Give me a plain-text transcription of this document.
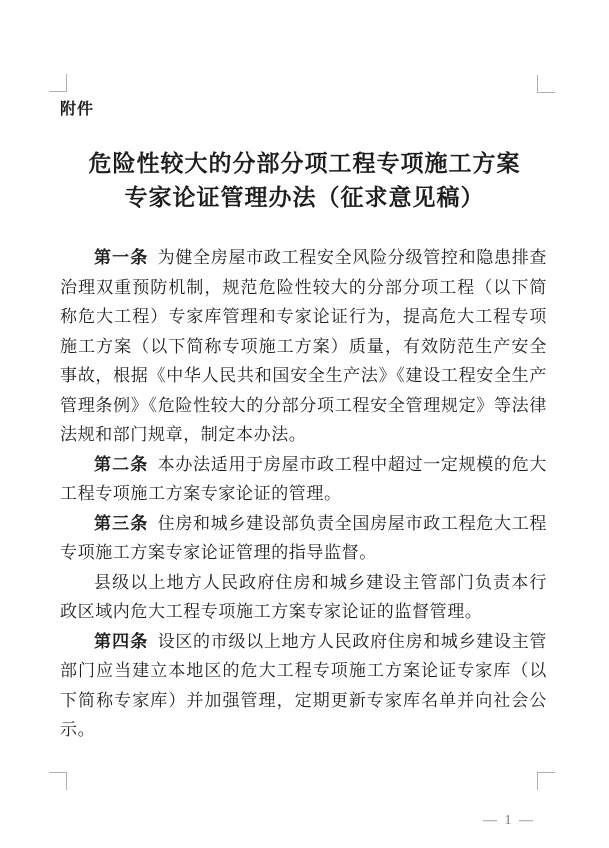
附件
危险性较大的分部分项工程专项施工方案
专家论证管理办法（征求意见稿）

第一条 为健全房屋市政工程安全风险分级管控和隐患排查治理双重预防机制，规范危险性较大的分部分项工程（以下简称危大工程）专家库管理和专家论证行为，提高危大工程专项施工方案（以下简称专项施工方案）质量，有效防范生产安全事故，根据《中华人民共和国安全生产法》《建设工程安全生产管理条例》《危险性较大的分部分项工程安全管理规定》等法律法规和部门规章，制定本办法。

第二条 本办法适用于房屋市政工程中超过一定规模的危大工程专项施工方案专家论证的管理。

第三条 住房和城乡建设部负责全国房屋市政工程危大工程专项施工方案专家论证管理的指导监督。

县级以上地方人民政府住房和城乡建设主管部门负责本行政区域内危大工程专项施工方案专家论证的监督管理。

第四条 设区的市级以上地方人民政府住房和城乡建设主管部门应当建立本地区的危大工程专项施工方案论证专家库（以下简称专家库）并加强管理，定期更新专家库名单并向社会公示。

— 1 —
